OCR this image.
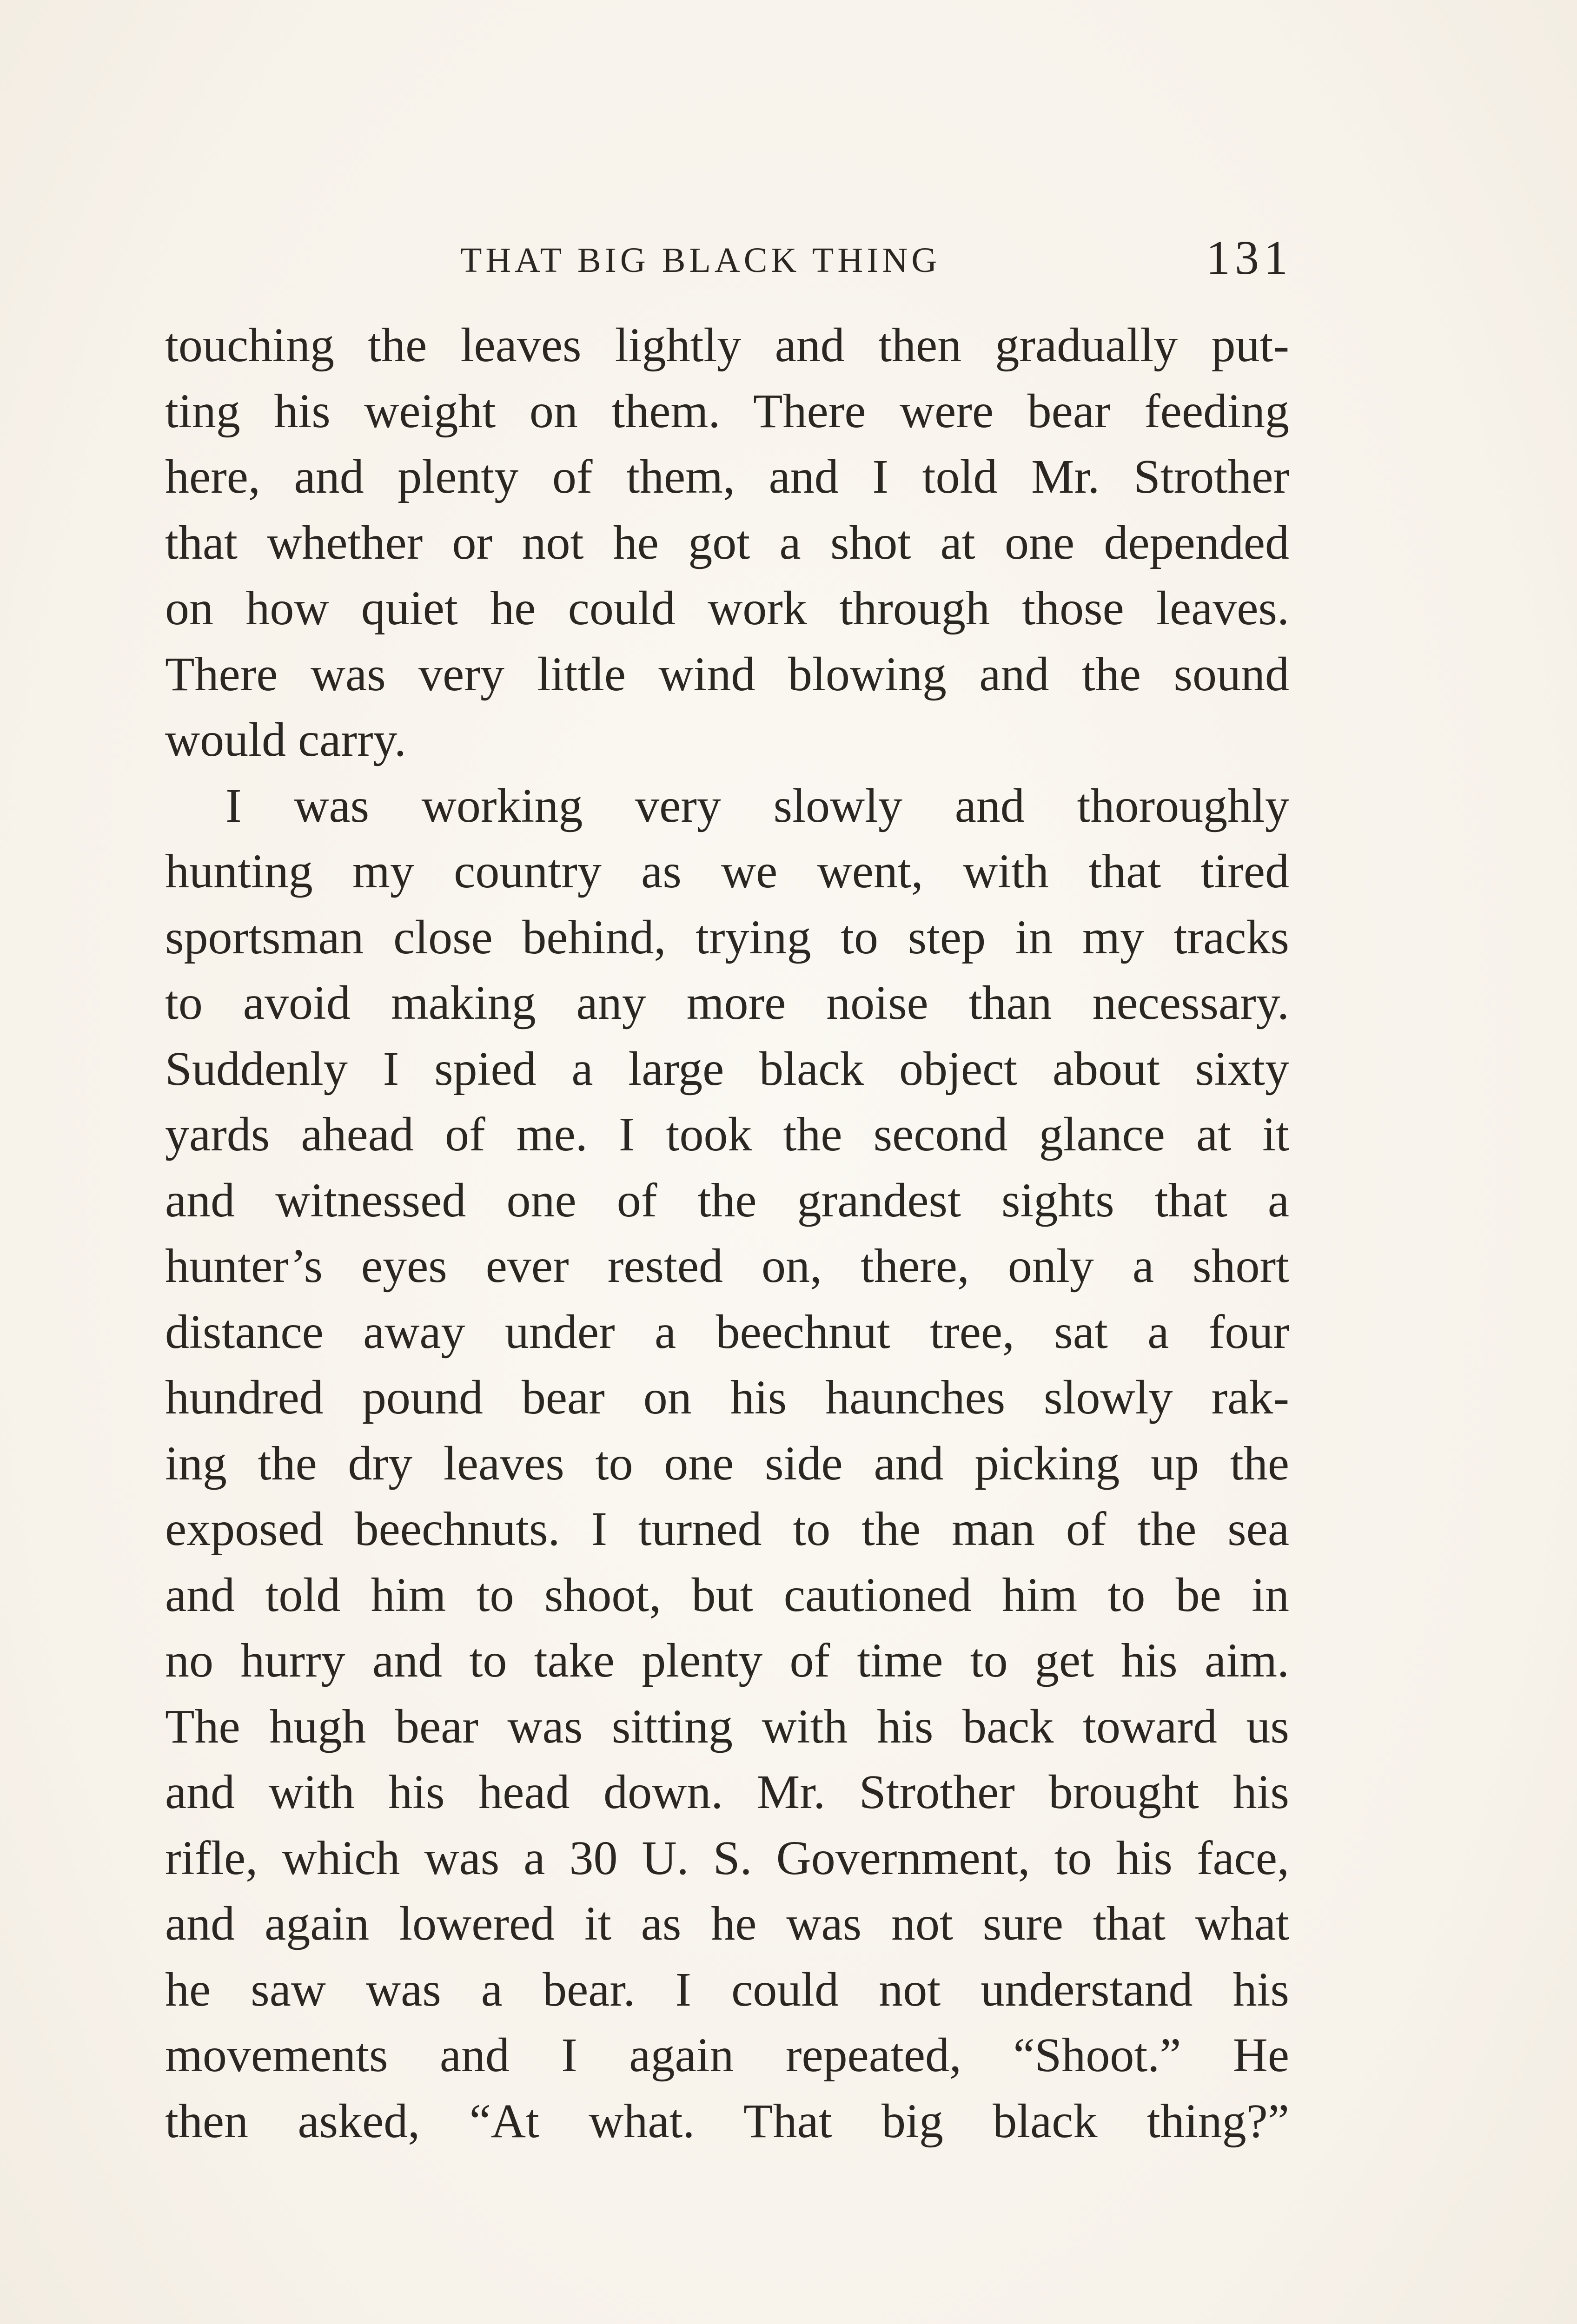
THAT BIG BLACK THING	131
touching the leaves lightly and then gradually put-
ting his weight on them. There were bear feeding
here, and plenty of them, and I told Mr. Strother
that whether or not he got a shot at one depended
on how quiet he could work through those leaves.
There was very little wind blowing and the sound
would carry.
I was working very slowly and thoroughly
hunting my country as we went, with that tired
sportsman close behind, trying to step in my tracks
to avoid making any more noise than necessary.
Suddenly I spied a large black object about sixty
yards ahead of me. I took the second glance at it
and witnessed one of the grandest sights that a
hunter’s eyes ever rested on, there, only a short
distance away under a beechnut tree, sat a four
hundred pound bear on his haunches slowly rak-
ing the dry leaves to one side and picking up the
exposed beechnuts. I turned to the man of the sea
and told him to shoot, but cautioned him to be in
no hurry and to take plenty of time to get his aim.
The hugh bear was sitting with his back toward us
and with his head down. Mr. Strother brought his
rifle, which was a 30 U. S. Government, to his face,
and again lowered it as he was not sure that what
he saw was a bear. I could not understand his
movements and I again repeated, “Shoot.” He
then asked, “At what. That big black thing?”
